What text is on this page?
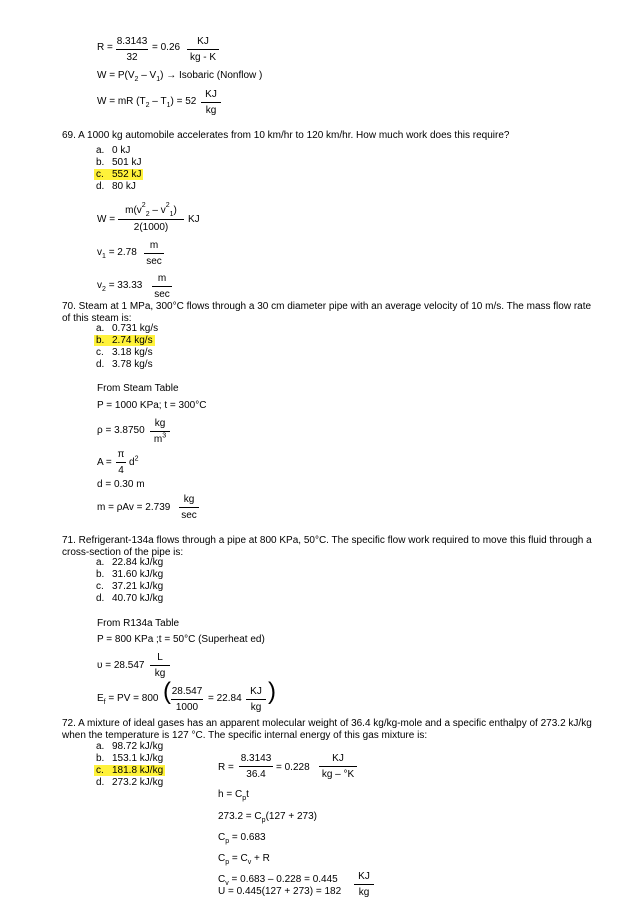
R =
8.3143
32
= 0.26
KJ
kg - K
$W = P(V_2 - V_1)$ → Isobaric (Nonflow )
W = mR $(T_2 - T_1) = 52$
KJ
kg
69. A 1000 kg automobile accelerates from 10 km/hr to 120 km/hr. How much work does this require?
a. 0 kJ
b. 501 kJ
c. 552 kJ
d. 80 kJ
W =
$m(v^2_2 - v^2_1)$
2(1000)
KJ
$v_1 = 2.78$
m
sec
$v_2 = 33.33$
m
sec
70. Steam at 1 MPa, 300°C flows through a 30 cm diameter pipe with an average velocity of 10 m/s. The mass flow rate of this steam is:
a. 0.731 kg/s
b. 2.74 kg/s
c. 3.18 kg/s
d. 3.78 kg/s
From Steam Table
P = 1000 KPa; t = 300°C
ρ = 3.8750
kg
$m^3$
A =
π
4
$d^2$
d = 0.30 m
m = ρAv = 2.739
kg
sec
71. Refrigerant-134a flows through a pipe at 800 KPa, 50°C. The specific flow work required to move this fluid through a cross-section of the pipe is:
a. 22.84 kJ/kg
b. 31.60 kJ/kg
c. 37.21 kJ/kg
d. 40.70 kJ/kg
From R134a Table
P = 800 KPa ;t = 50°C (Superheat ed)
υ = 28.547
L
kg
$E_f$ = PV = 800 ( 28.547
1000
= 22.84
KJ
kg
)
72. A mixture of ideal gases has an apparent molecular weight of 36.4 kg/kg-mole and a specific enthalpy of 273.2 kJ/kg when the temperature is 127 °C. The specific internal energy of this gas mixture is:
a. 98.72 kJ/kg
b. 153.1 kJ/kg
c. 181.8 kJ/kg
d. 273.2 kJ/kg
R =
8.3143
36.4
= 0.228
KJ
kg – °K
$h = C_pt$
$273.2 = C_p(127 + 273)$
$C_p = 0.683$
$C_p = C_v + R$
$C_v = 0.683 - 0.228 = 0.445$
U = 0.445(127 + 273) = 182
KJ
kg
